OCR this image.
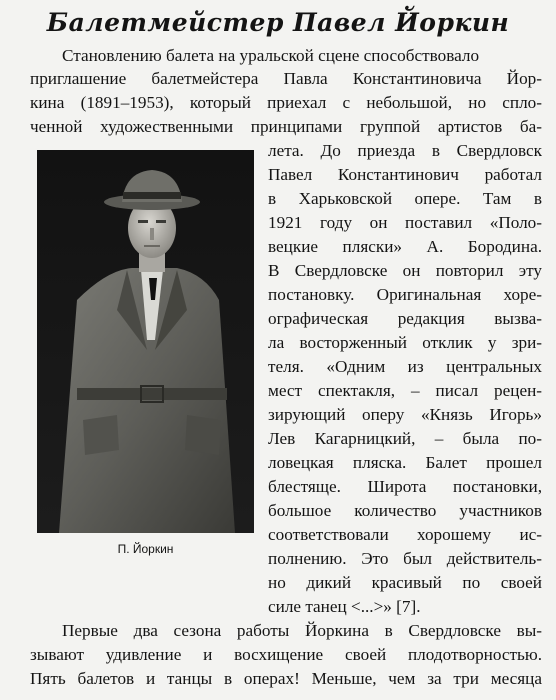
Балетмейстер Павел Йоркин
Становлению балета на уральской сцене способствовало
приглашение балетмейстера Павла Константиновича Йор-
кина (1891–1953), который приехал с небольшой, но спло-
ченной художественными принципами группой артистов ба-
лета. До приезда в Свердловск
Павел Константинович работал
в Харьковской опере. Там в
1921 году он поставил «Поло-
вецкие пляски» А. Бородина.
В Свердловске он повторил эту
постановку. Оригинальная хоре-
ографическая редакция вызва-
ла восторженный отклик у зри-
теля. «Одним из центральных
мест спектакля, – писал рецен-
зирующий оперу «Князь Игорь»
Лев Кагарницкий, – была по-
ловецкая пляска. Балет прошел
блестяще. Широта постановки,
большое количество участников
соответствовали хорошему ис-
полнению. Это был действитель-
но дикий красивый по своей
силе танец <...>» [7].
Первые два сезона работы Йоркина в Свердловске вы-
П. Йоркин
зывают удивление и восхищение своей плодотворностью.
Пять балетов и танцы в операх! Меньше, чем за три месяца
